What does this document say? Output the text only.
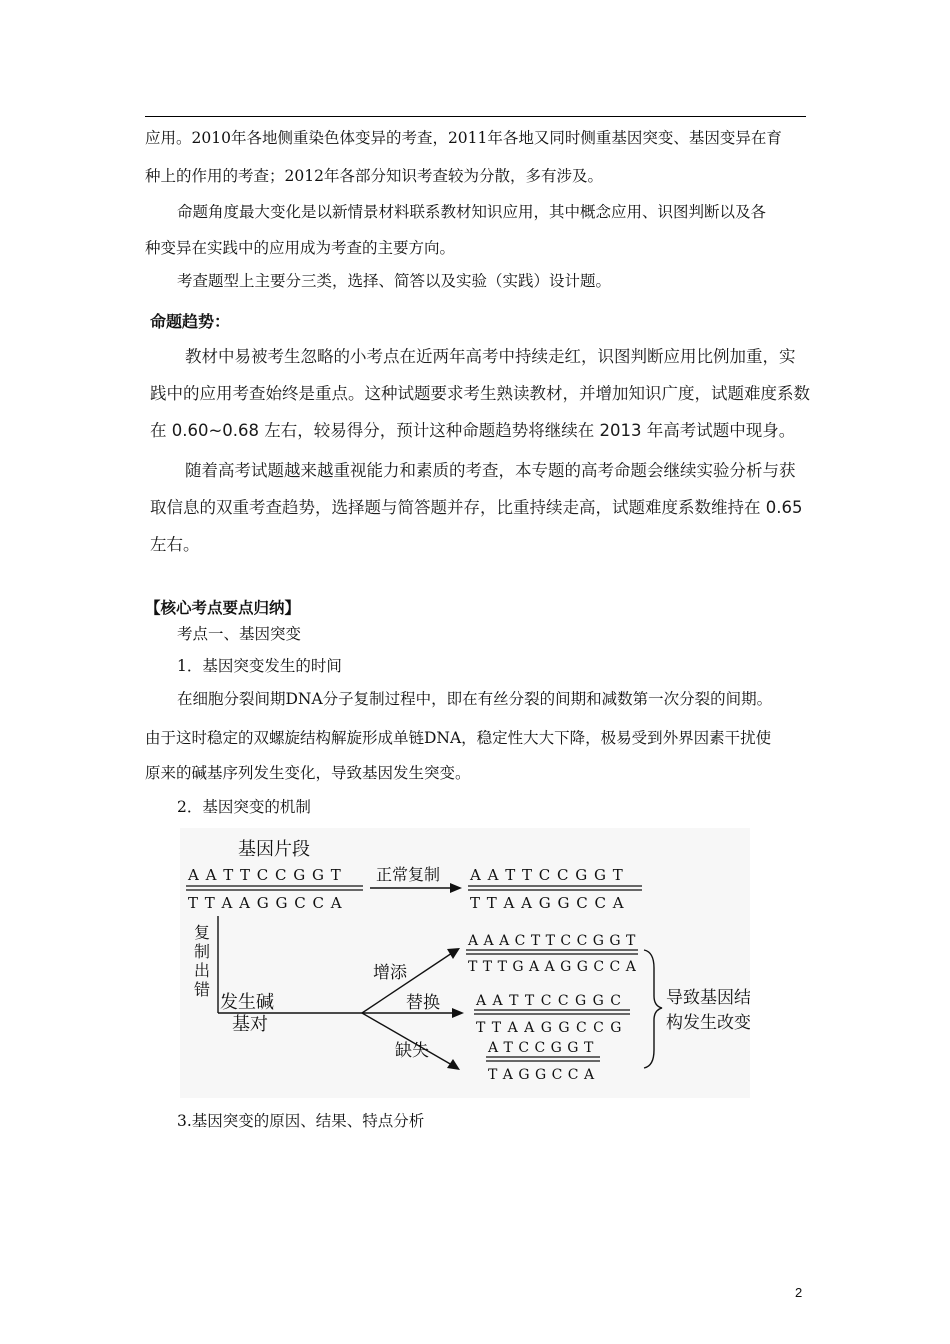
应用。2010年各地侧重染色体变异的考查，2011年各地又同时侧重基因突变、基因变异在育
种上的作用的考查；2012年各部分知识考查较为分散，多有涉及。
命题角度最大变化是以新情景材料联系教材知识应用，其中概念应用、识图判断以及各
种变异在实践中的应用成为考查的主要方向。
考查题型上主要分三类，选择、简答以及实验（实践）设计题。
命题趋势：
教材中易被考生忽略的小考点在近两年高考中持续走红，识图判断应用比例加重，实
践中的应用考查始终是重点。这种试题要求考生熟读教材，并增加知识广度，试题难度系数
在 0.60~0.68 左右，较易得分，预计这种命题趋势将继续在 2013 年高考试题中现身。
随着高考试题越来越重视能力和素质的考查，本专题的高考命题会继续实验分析与获
取信息的双重考查趋势，选择题与简答题并存，比重持续走高，试题难度系数维持在 0.65
左右。
【核心考点要点归纳】
考点一、基因突变
1．基因突变发生的时间
在细胞分裂间期DNA分子复制过程中，即在有丝分裂的间期和减数第一次分裂的间期。
由于这时稳定的双螺旋结构解旋形成单链DNA，稳定性大大下降，极易受到外界因素干扰使
原来的碱基序列发生变化，导致基因发生突变。
2．基因突变的机制
基因片段
A A T T C C G G T
T T A A G G C C A
正常复制 A A T T C C G G T
T T A A G G C C A
复
制
出
错
发生碱
基对
增添
替换
缺失
A A A C T T C C G G T
T T T G A A G G C C A
A A T T C C G G C
T T A A G G C C G
A T C C G G T
T A G G C C A
导致基因结
构发生改变
3.基因突变的原因、结果、特点分析
2
